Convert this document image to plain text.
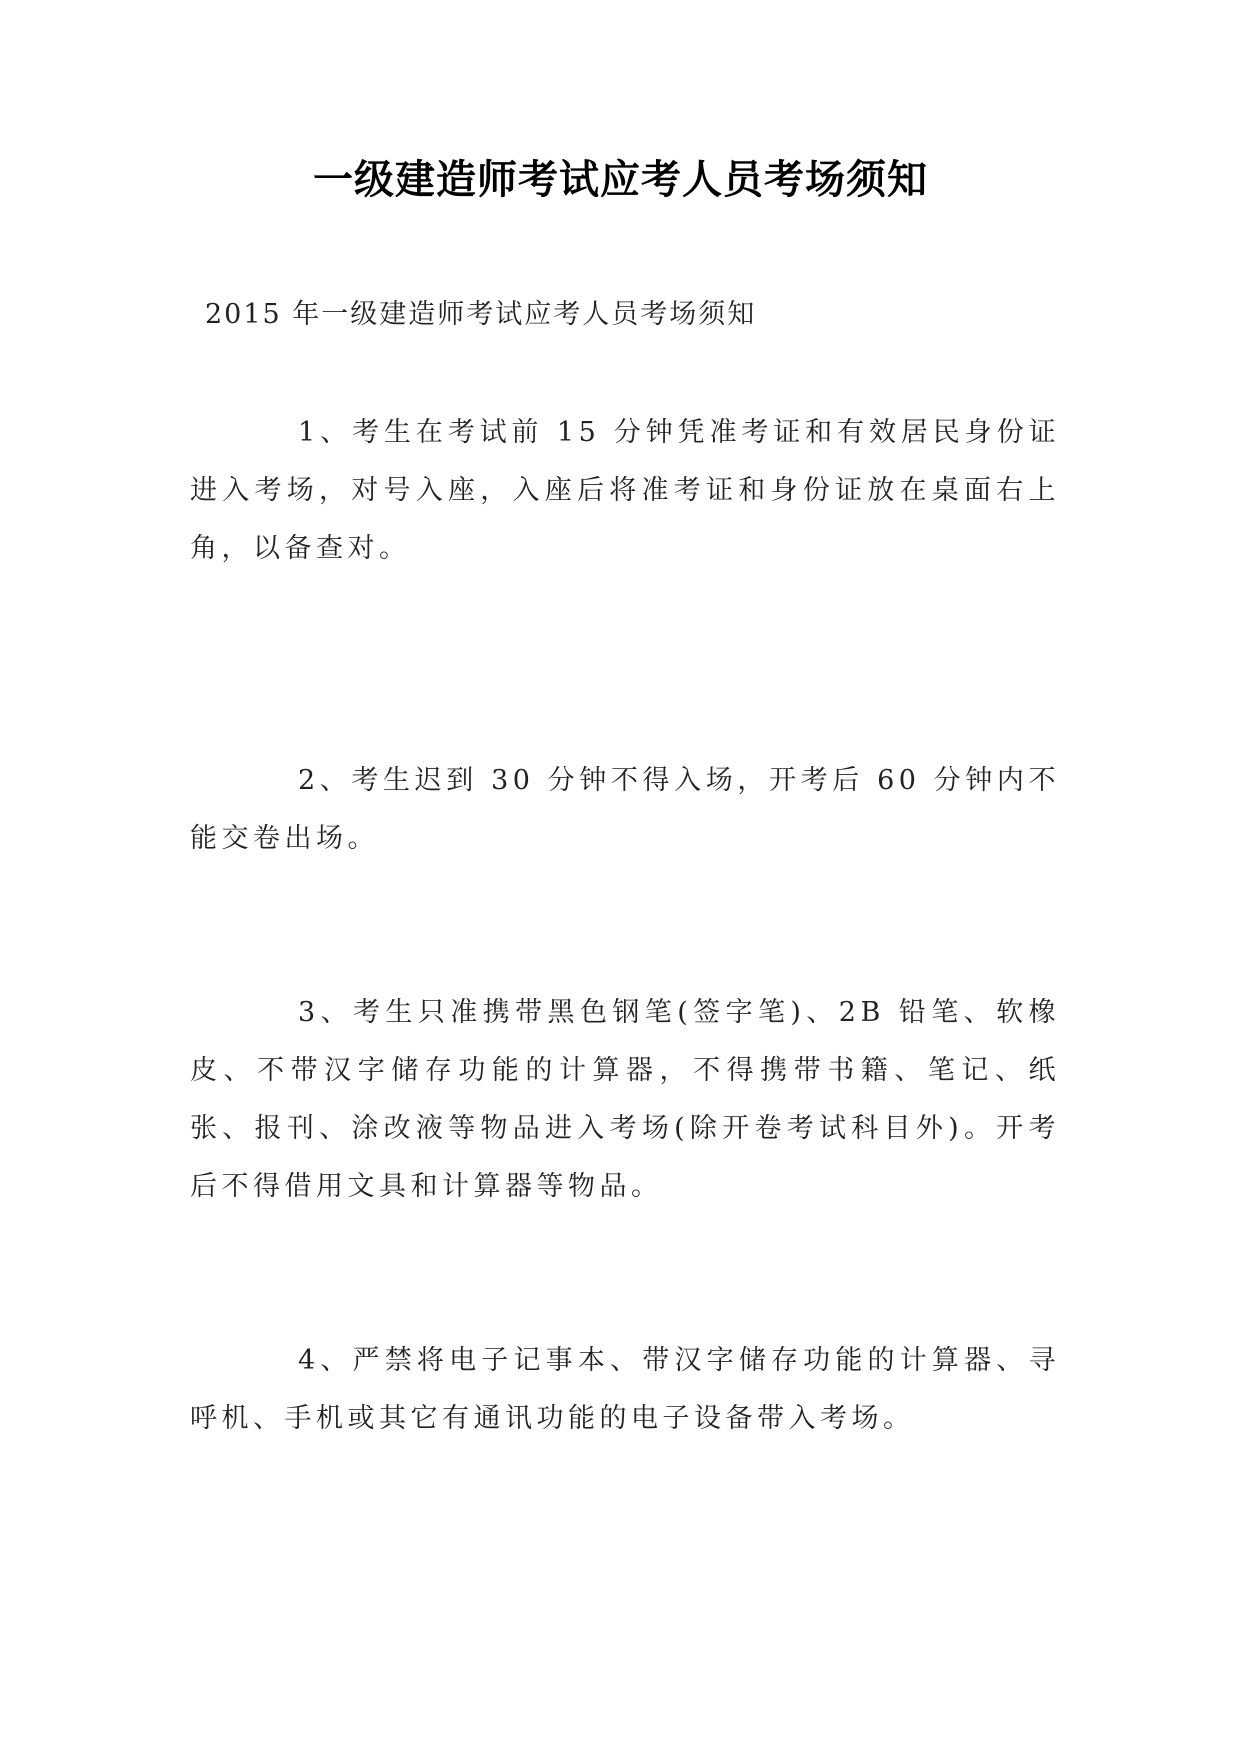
一级建造师考试应考人员考场须知
2015 年一级建造师考试应考人员考场须知

1、考生在考试前 15 分钟凭准考证和有效居民身份证进入考场，对号入座，入座后将准考证和身份证放在桌面右上角，以备查对。

2、考生迟到 30 分钟不得入场，开考后 60 分钟内不能交卷出场。

3、考生只准携带黑色钢笔(签字笔)、2B 铅笔、软橡皮、不带汉字储存功能的计算器，不得携带书籍、笔记、纸张、报刊、涂改液等物品进入考场(除开卷考试科目外)。开考后不得借用文具和计算器等物品。

4、严禁将电子记事本、带汉字储存功能的计算器、寻呼机、手机或其它有通讯功能的电子设备带入考场。
